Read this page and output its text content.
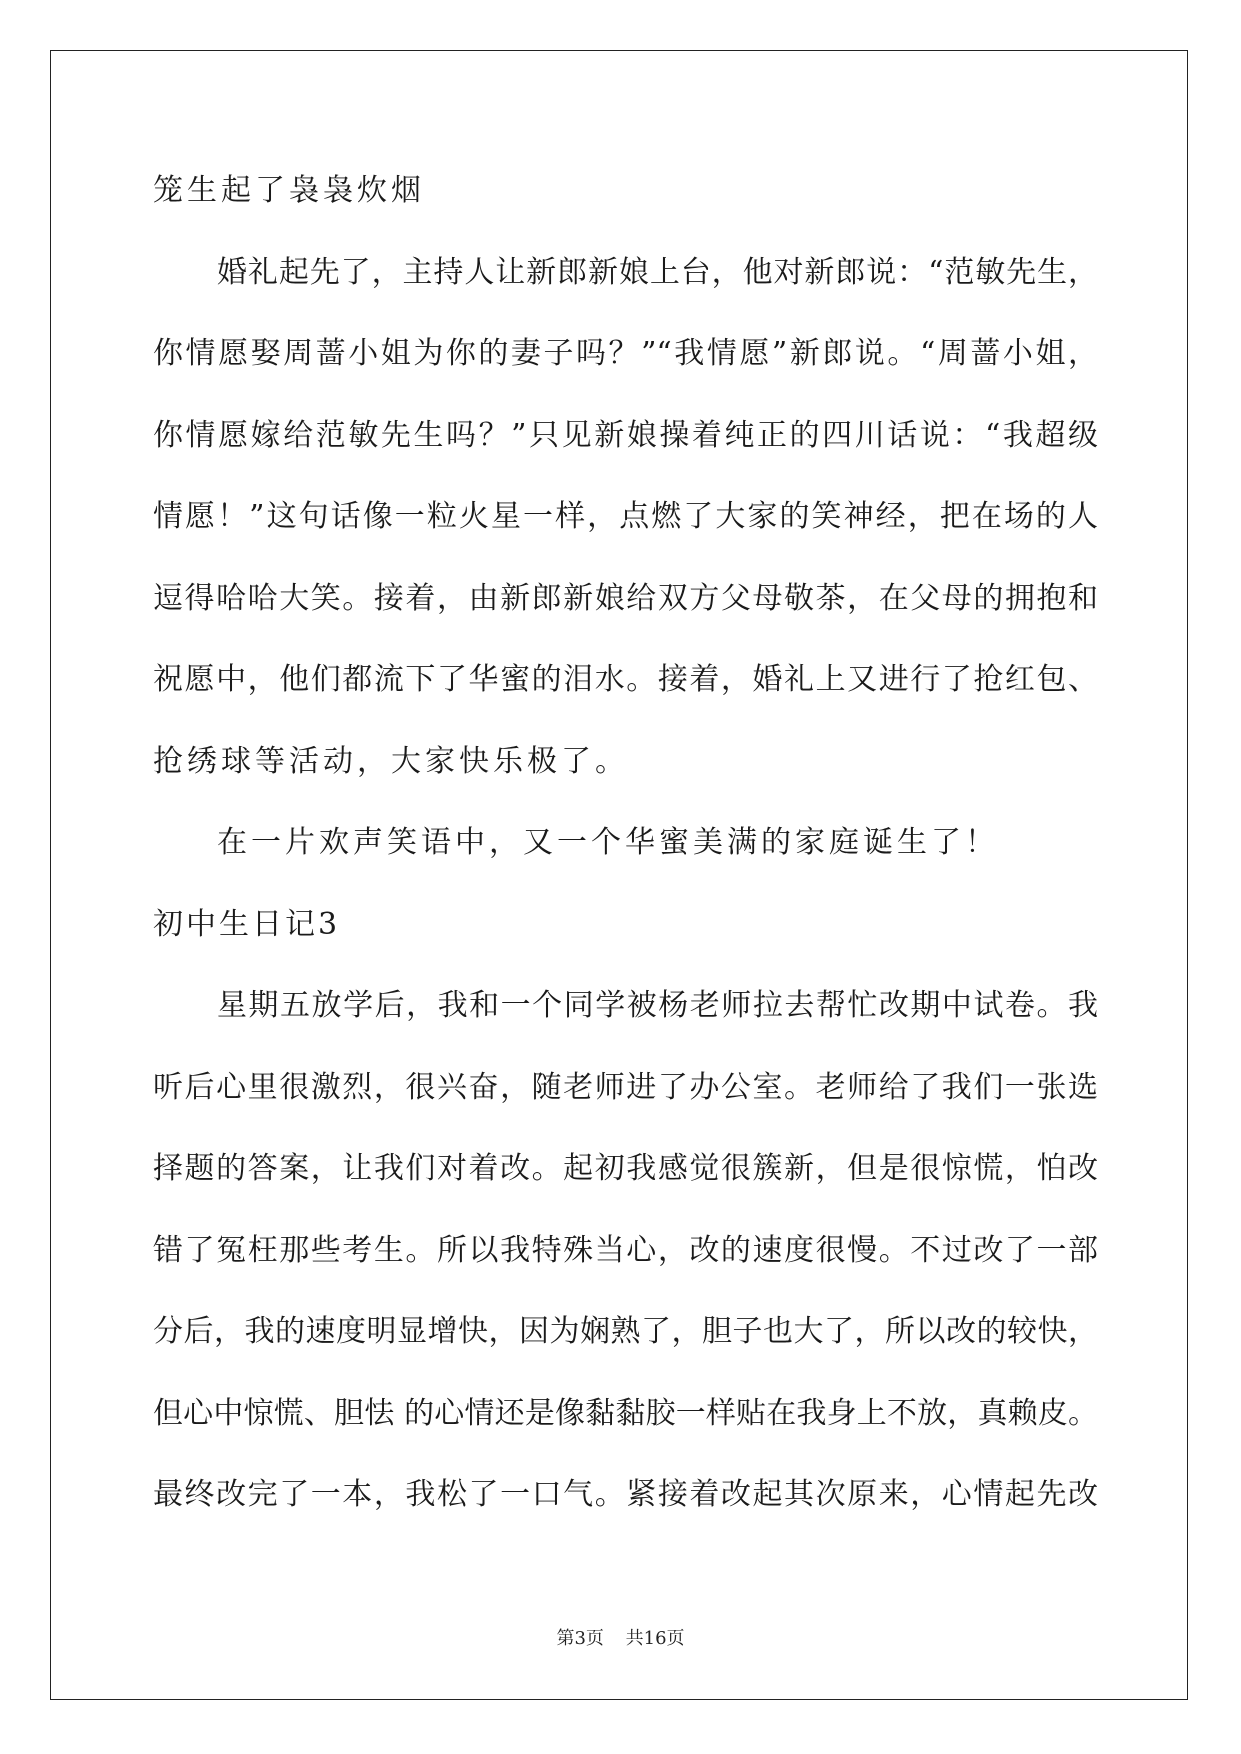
笼生起了袅袅炊烟
婚礼起先了，主持人让新郎新娘上台，他对新郎说：“范敏先生，
你情愿娶周蔷小姐为你的妻子吗？”“我情愿”新郎说。“周蔷小姐，
你情愿嫁给范敏先生吗？”只见新娘操着纯正的四川话说：“我超级
情愿！”这句话像一粒火星一样，点燃了大家的笑神经，把在场的人
逗得哈哈大笑。接着，由新郎新娘给双方父母敬茶，在父母的拥抱和
祝愿中，他们都流下了华蜜的泪水。接着，婚礼上又进行了抢红包、
抢绣球等活动，大家快乐极了。
在一片欢声笑语中，又一个华蜜美满的家庭诞生了！
初中生日记3
星期五放学后，我和一个同学被杨老师拉去帮忙改期中试卷。我
听后心里很激烈，很兴奋，随老师进了办公室。老师给了我们一张选
择题的答案，让我们对着改。起初我感觉很簇新，但是很惊慌，怕改
错了冤枉那些考生。所以我特殊当心，改的速度很慢。不过改了一部
分后，我的速度明显增快，因为娴熟了，胆子也大了，所以改的较快，
但心中惊慌、胆怯 的心情还是像黏黏胶一样贴在我身上不放，真赖皮。
最终改完了一本，我松了一口气。紧接着改起其次原来，心情起先改
第3页 共16页
